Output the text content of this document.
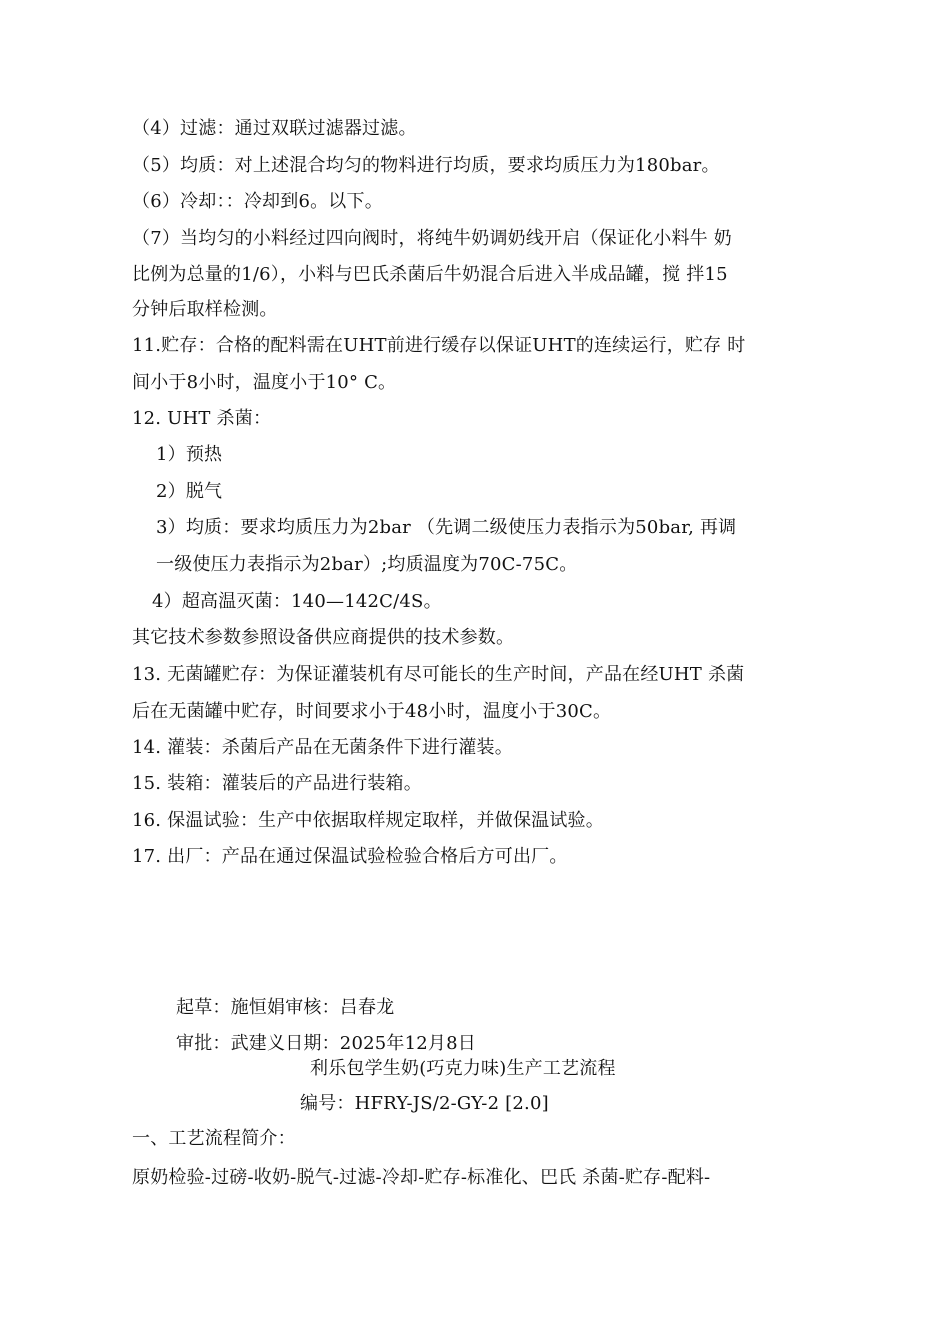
（4）过滤：通过双联过滤器过滤。
（5）均质：对上述混合均匀的物料进行均质，要求均质压力为180bar。
（6）冷却：：冷却到6。以下。
（7）当均匀的小料经过四向阀时，将纯牛奶调奶线开启（保证化小料牛 奶
比例为总量的1/6），小料与巴氏杀菌后牛奶混合后进入半成品罐，搅 拌15
分钟后取样检测。
11.贮存：合格的配料需在UHT前进行缓存以保证UHT的连续运行，贮存 时
间小于8小时，温度小于10° C。
12. UHT 杀菌：
1）预热
2）脱气
3）均质：要求均质压力为2bar （先调二级使压力表指示为50bar, 再调
一级使压力表指示为2bar）;均质温度为70C-75C。
4）超高温灭菌：140—142C/4S。
其它技术参数参照设备供应商提供的技术参数。
13. 无菌罐贮存：为保证灌装机有尽可能长的生产时间，产品在经UHT 杀菌
后在无菌罐中贮存，时间要求小于48小时，温度小于30C。
14. 灌装：杀菌后产品在无菌条件下进行灌装。
15. 装箱：灌装后的产品进行装箱。
16. 保温试验：生产中依据取样规定取样，并做保温试验。
17. 出厂：产品在通过保温试验检验合格后方可出厂。
起草：施恒娟审核：吕春龙
审批：武建义日期：2025年12月8日
利乐包学生奶(巧克力味)生产工艺流程
编号：HFRY-JS/2-GY-2 [2.0]
一、工艺流程简介：
原奶检验-过磅-收奶-脱气-过滤-冷却-贮存-标准化、巴氏 杀菌-贮存-配料-
